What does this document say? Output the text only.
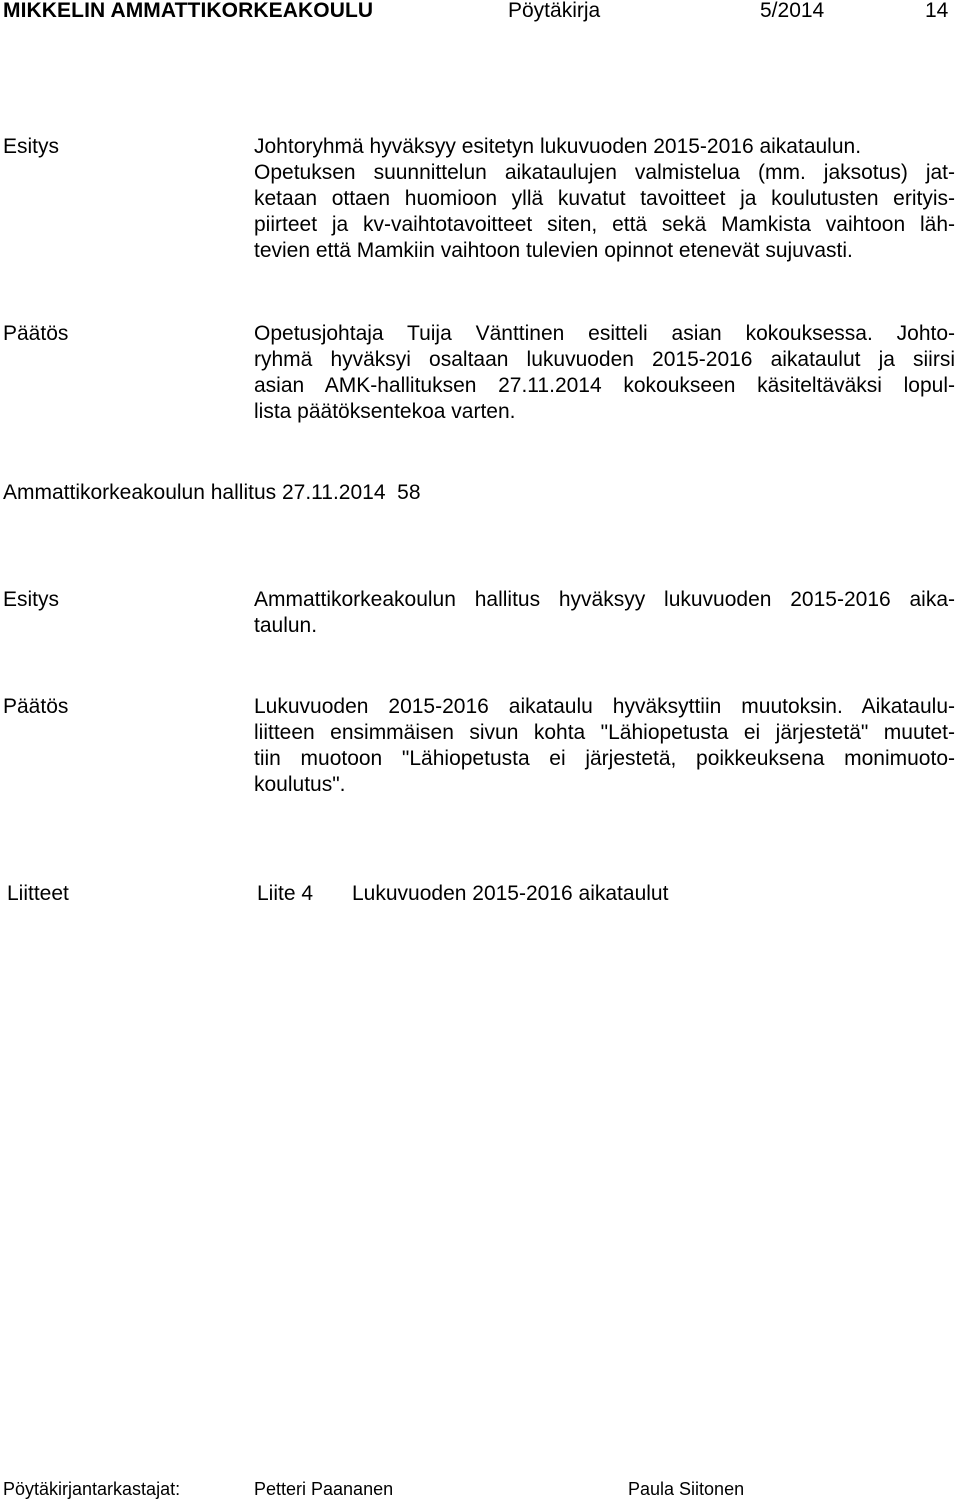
MIKKELIN AMMATTIKORKEAKOULU	Pöytäkirja	5/2014	14
Esitys	Johtoryhmä hyväksyy esitetyn lukuvuoden 2015-2016 aikataulun.
Opetuksen suunnittelun aikataulujen valmistelua (mm. jaksotus) jat-
ketaan ottaen huomioon yllä kuvatut tavoitteet ja koulutusten erityis-
piirteet ja kv-vaihtotavoitteet siten, että sekä Mamkista vaihtoon läh-
tevien että Mamkiin vaihtoon tulevien opinnot etenevät sujuvasti.
Päätös	Opetusjohtaja Tuija Vänttinen esitteli asian kokouksessa. Johto-
ryhmä hyväksyi osaltaan lukuvuoden 2015-2016 aikataulut ja siirsi
asian AMK-hallituksen 27.11.2014 kokoukseen käsiteltäväksi lopul-
lista päätöksentekoa varten.
Ammattikorkeakoulun hallitus 27.11.2014  58
Esitys	Ammattikorkeakoulun hallitus hyväksyy lukuvuoden 2015-2016 aika-
taulun.
Päätös	Lukuvuoden 2015-2016 aikataulu hyväksyttiin muutoksin. Aikataulu-
liitteen ensimmäisen sivun kohta "Lähiopetusta ei järjestetä" muutet-
tiin muotoon "Lähiopetusta ei järjestetä, poikkeuksena monimuoto-
koulutus".
Liitteet	Liite 4 Lukuvuoden 2015-2016 aikataulut
Pöytäkirjantarkastajat:	Petteri Paananen	Paula Siitonen
